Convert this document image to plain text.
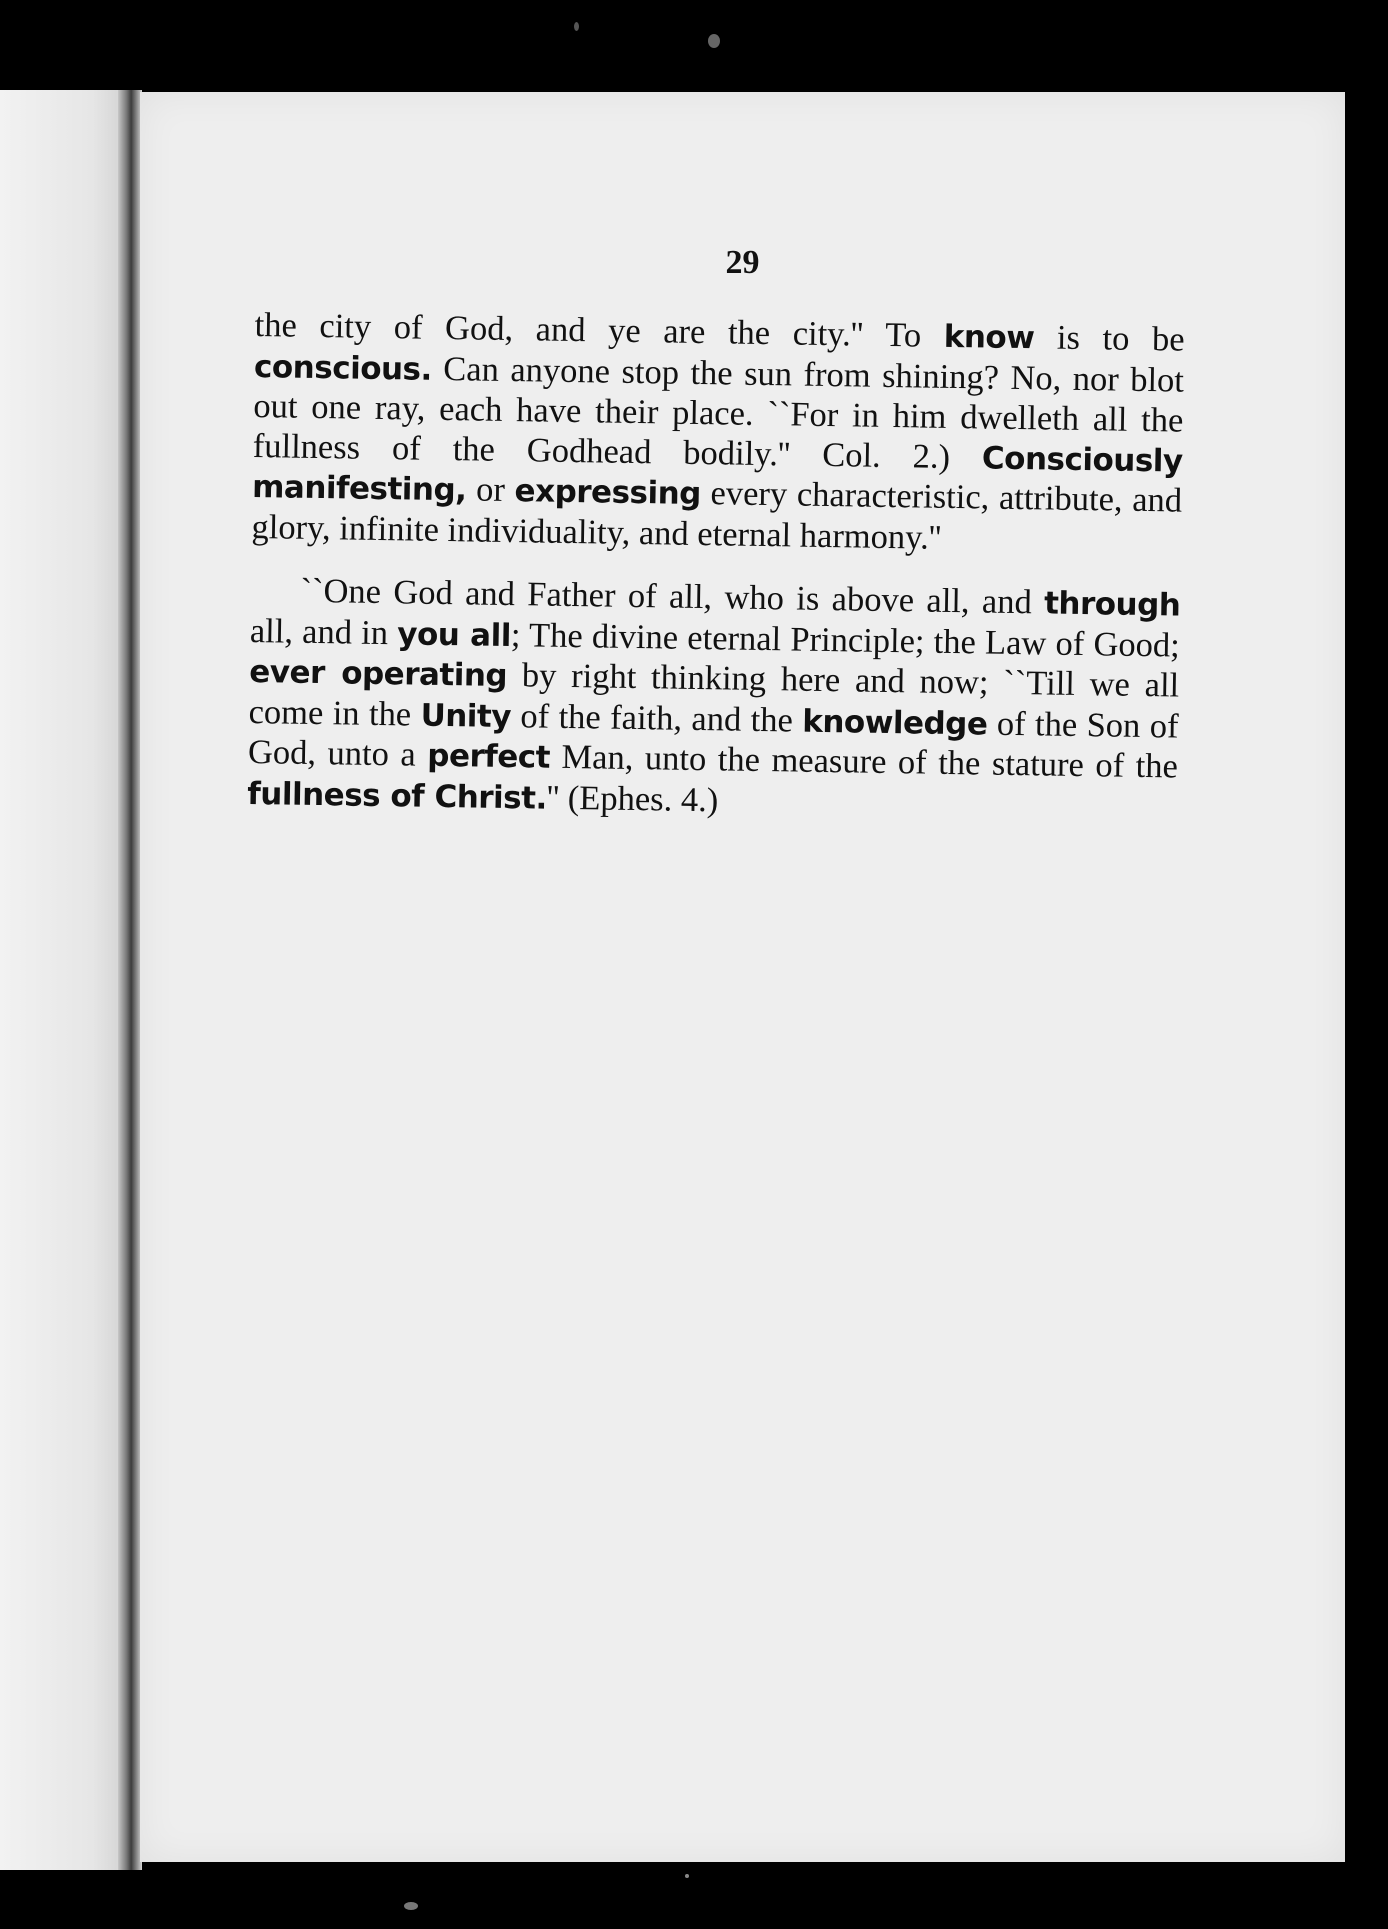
29

the city of God, and ye are the city.'' To know is to be conscious. Can anyone stop the sun from shining? No, nor blot out one ray, each have their place. ``For in him dwelleth all the fullness of the Godhead bodily.'' Col. 2.) Consciously manifesting, or expressing every characteristic, attribute, and glory, infinite individuality, and eternal harmony.''

``One God and Father of all, who is above all, and through all, and in you all; The divine eternal Principle; the Law of Good; ever operating by right thinking here and now; ``Till we all come in the Unity of the faith, and the knowledge of the Son of God, unto a perfect Man, unto the measure of the stature of the fullness of Christ.'' (Ephes. 4.)
